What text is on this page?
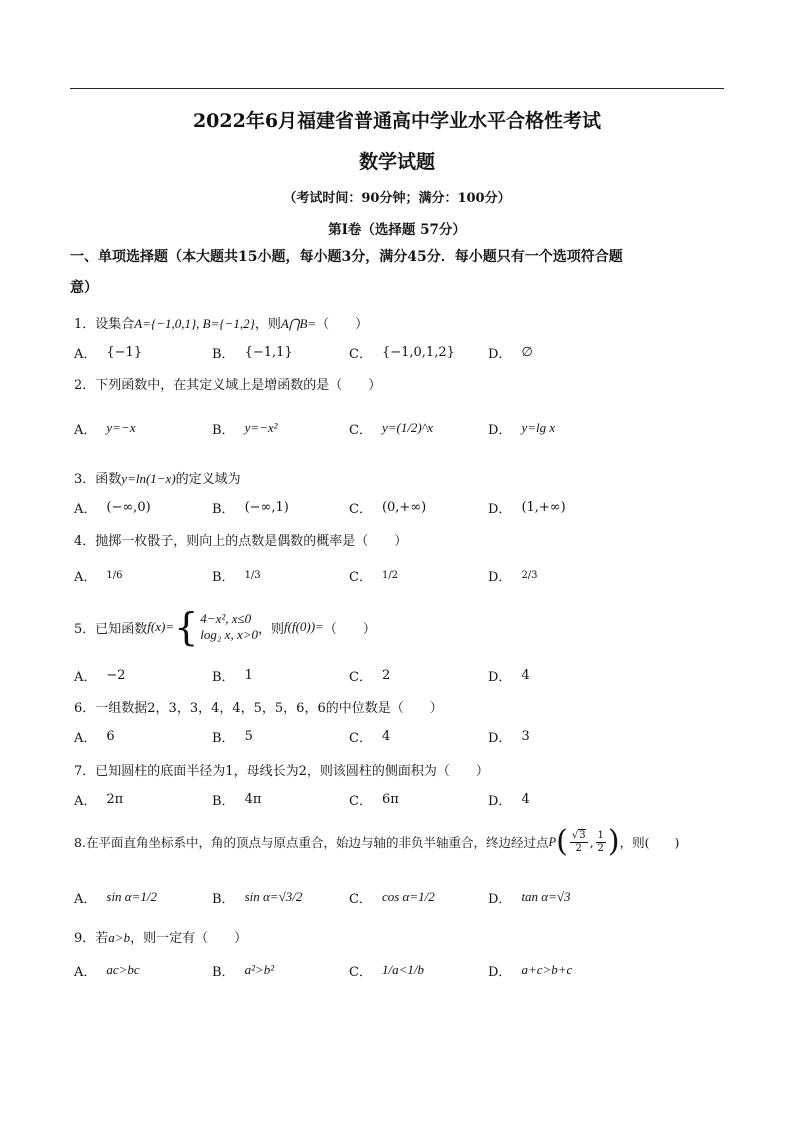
2022年6月福建省普通高中学业水平合格性考试
数学试题
（考试时间：90分钟；满分：100分）
第Ⅰ卷（选择题 57分）
一、单项选择题（本大题共15小题，每小题3分，满分45分．每小题只有一个选项符合题
意）
1．设集合A={−1,0,1}, B={−1,2}，则A⋂B=（　　）
A． {−1}	B． {−1,1}	C． {−1,0,1,2}	D． ∅
2．下列函数中，在其定义域上是增函数的是（　　）
A． y=−x	B． y=−x²	C． y=(1/2)^x	D． y=lg x
3．函数y=ln(1−x)的定义域为
A． (−∞,0)	B． (−∞,1)	C． (0,+∞)	D． (1,+∞)
4．抛掷一枚骰子，则向上的点数是偶数的概率是（　　）
A． 1/6	B． 1/3	C． 1/2	D． 2/3
5． 已知函数 f(x)= { 4−x², x≤0
log₂ x, x>0 ，则 f(f(0))= （　　）
A． −2	B． 1	C． 2	D． 4
6．一组数据2，3，3，4，4，5，5，6，6的中位数是（　　）
A． 6	B． 5	C． 4	D． 3
7．已知圆柱的底面半径为1，母线长为2，则该圆柱的侧面积为（　　）
A． 2π	B． 4π	C． 6π	D． 4
8. 在平面直角坐标系中，角的顶点与原点重合，始边与轴的非负半轴重合，终边经过点 P ( $\frac{√3}{2}$ , $\frac{1}{2}$ ) ，则(　　)
A． sin α=1/2	B． sin α=√3/2	C． cos α=1/2	D． tan α=√3
9．若a>b，则一定有（　　）
A． ac>bc	B． a²>b²	C． 1/a<1/b	D． a+c>b+c
